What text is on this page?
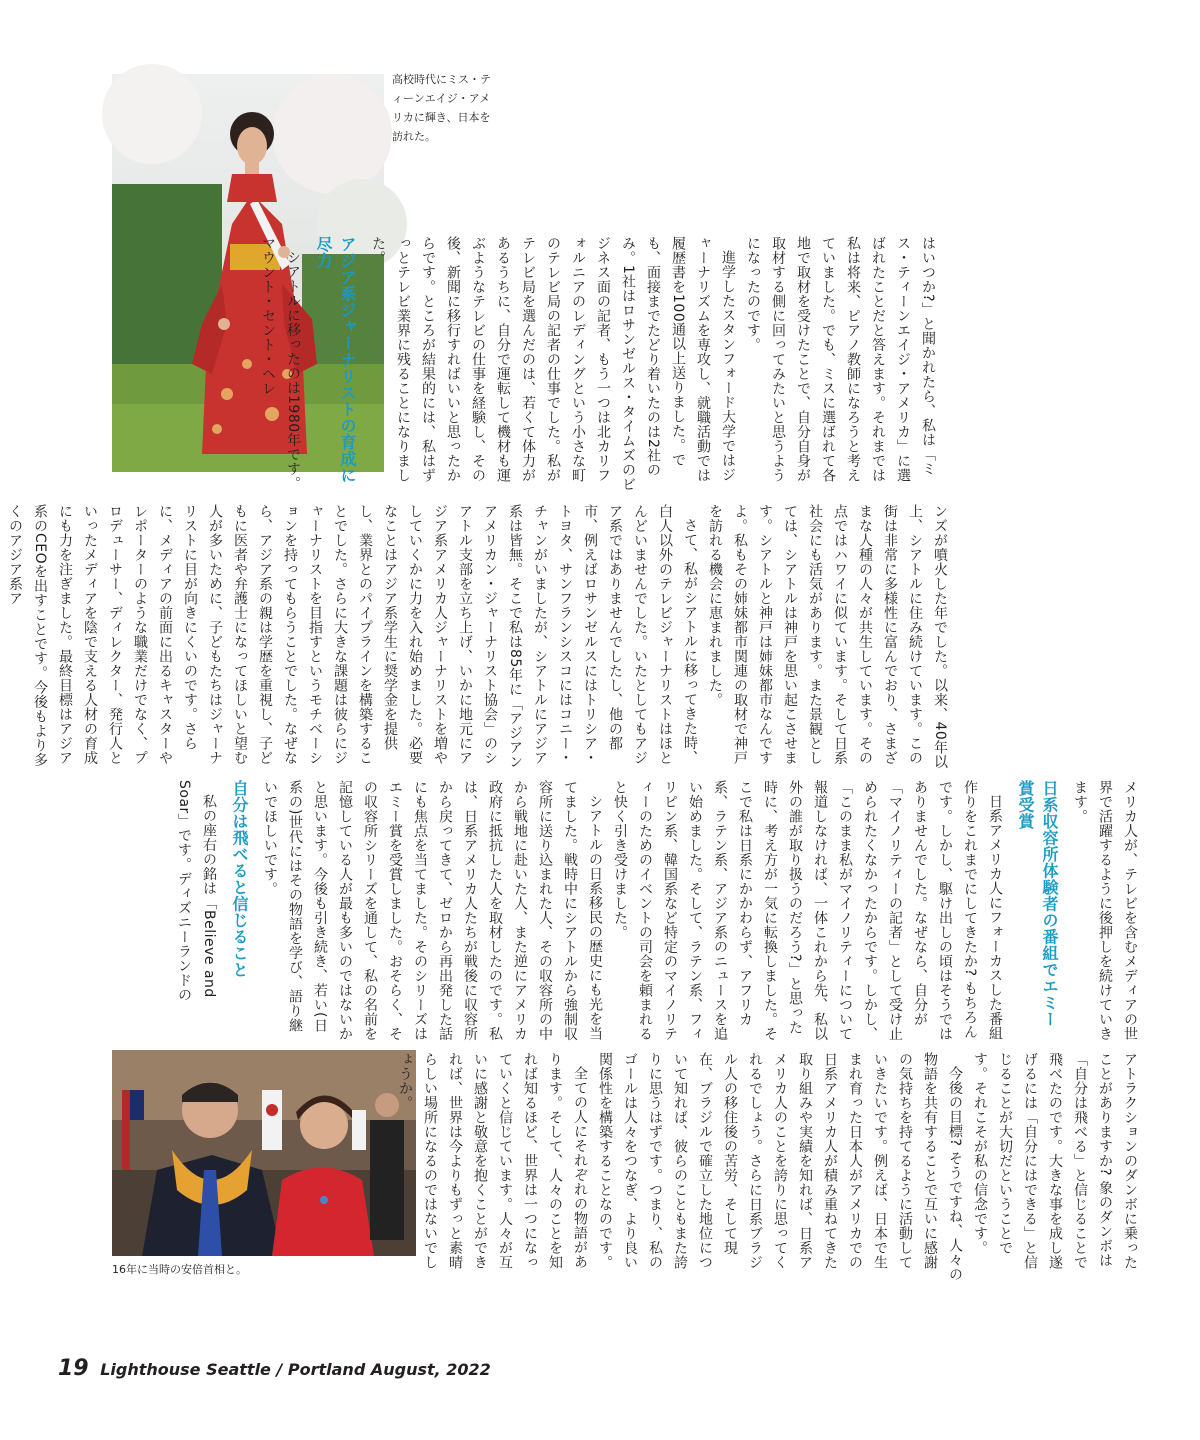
高校時代にミス・ティーンエイジ・アメリカに輝き、日本を訪れた。
16年に当時の安倍首相と。

はいつか?」と聞かれたら、私は「ミス・ティーンエイジ・アメリカ」に選ばれたことだと答えます。それまでは私は将来、ピアノ教師になろうと考えていました。でも、ミスに選ばれて各地で取材を受けたことで、自分自身が取材する側に回ってみたいと思うようになったのです。

進学したスタンフォード大学ではジャーナリズムを専攻し、就職活動では履歴書を100通以上送りました。でも、面接までたどり着いたのは2社のみ。1社はロサンゼルス・タイムズのビジネス面の記者、もう一つは北カリフォルニアのレディングという小さな町のテレビ局の記者の仕事でした。私がテレビ局を選んだのは、若くて体力があるうちに、自分で運転して機材も運ぶようなテレビの仕事を経験し、その後、新聞に移行すればいいと思ったからです。ところが結果的には、私はずっとテレビ業界に残ることになりました。

アジア系ジャーナリストの育成に尽力

シアトルに移ったのは1980年です。マウント・セント・ヘレ

ンズが噴火した年でした。以来、40年以上、シアトルに住み続けています。この街は非常に多様性に富んでおり、さまざまな人種の人々が共生しています。その点ではハワイに似ています。そして日系社会にも活気があります。また景観としては、シアトルは神戸を思い起こさせます。シアトルと神戸は姉妹都市なんですよ。私もその姉妹都市関連の取材で神戸を訪れる機会に恵まれました。

さて、私がシアトルに移ってきた時、白人以外のテレビジャーナリストはほとんどいませんでした。いたとしてもアジア系ではありませんでしたし、他の都市、例えばロサンゼルスにはトリシア・トヨタ、サンフランシスコにはコニー・チャンがいましたが、シアトルにアジア系は皆無。そこで私は85年に「アジアンアメリカン・ジャーナリスト協会」のシアトル支部を立ち上げ、いかに地元にアジア系アメリカ人ジャーナリストを増やしていくかに力を入れ始めました。必要なことはアジア系学生に奨学金を提供し、業界とのパイプラインを構築することでした。さらに大きな課題は彼らにジャーナリストを目指すというモチベーションを持ってもらうことでした。なぜなら、アジア系の親は学歴を重視し、子どもに医者や弁護士になってほしいと望む人が多いために、子どもたちはジャーナリストに目が向きにくいのです。さらに、メディアの前面に出るキャスターやレポーターのような職業だけでなく、プロデューサー、ディレクター、発行人といったメディアを陰で支える人材の育成にも力を注ぎました。最終目標はアジア系のCEOを出すことです。今後もより多くのアジア系ア

メリカ人が、テレビを含むメディアの世界で活躍するように後押しを続けていきます。

日系収容所体験者の番組でエミー賞受賞

日系アメリカ人にフォーカスした番組作りをこれまでにしてきたか? もちろんです。しかし、駆け出しの頃はそうではありませんでした。なぜなら、自分が「マイノリティーの記者」として受け止められたくなかったからです。しかし、「このまま私がマイノリティーについて報道しなければ、一体これから先、私以外の誰が取り扱うのだろう?」と思った時に、考え方が一気に転換しました。そこで私は日系にかかわらず、アフリカ系、ラテン系、アジア系のニュースを追い始めました。そして、ラテン系、フィリピン系、韓国系など特定のマイノリティーのためのイベントの司会を頼まれると快く引き受けました。

シアトルの日系移民の歴史にも光を当てました。戦時中にシアトルから強制収容所に送り込まれた人、その収容所の中から戦地に赴いた人、また逆にアメリカ政府に抵抗した人を取材したのです。私は、日系アメリカ人たちが戦後に収容所から戻ってきて、ゼロから再出発した話にも焦点を当てました。そのシリーズはエミー賞を受賞しました。おそらく、その収容所シリーズを通して、私の名前を記憶している人が最も多いのではないかと思います。今後も引き続き、若い(日系の)世代にはその物語を学び、語り継いでほしいです。

自分は飛べると信じること

私の座右の銘は「Believe and Soar」です。ディズニーランドの

アトラクションのダンボに乗ったことがありますか? 象のダンボは「自分は飛べる」と信じることで飛べたのです。大きな事を成し遂げるには「自分にはできる」と信じることが大切だということです。それこそが私の信念です。

今後の目標? そうですね、人々の物語を共有することで互いに感謝の気持ちを持てるように活動していきたいです。例えば、日本で生まれ育った日本人がアメリカでの日系アメリカ人が積み重ねてきた取り組みや実績を知れば、日系アメリカ人のことを誇りに思ってくれるでしょう。さらに日系ブラジル人の移住後の苦労、そして現在、ブラジルで確立した地位について知れば、彼らのこともまた誇りに思うはずです。つまり、私のゴールは人々をつなぎ、より良い関係性を構築することなのです。

全ての人にそれぞれの物語があります。そして、人々のことを知れば知るほど、世界は一つになっていくと信じています。人々が互いに感謝と敬意を抱くことができれば、世界は今よりもずっと素晴らしい場所になるのではないでしょうか。

19 Lighthouse Seattle / Portland August, 2022
